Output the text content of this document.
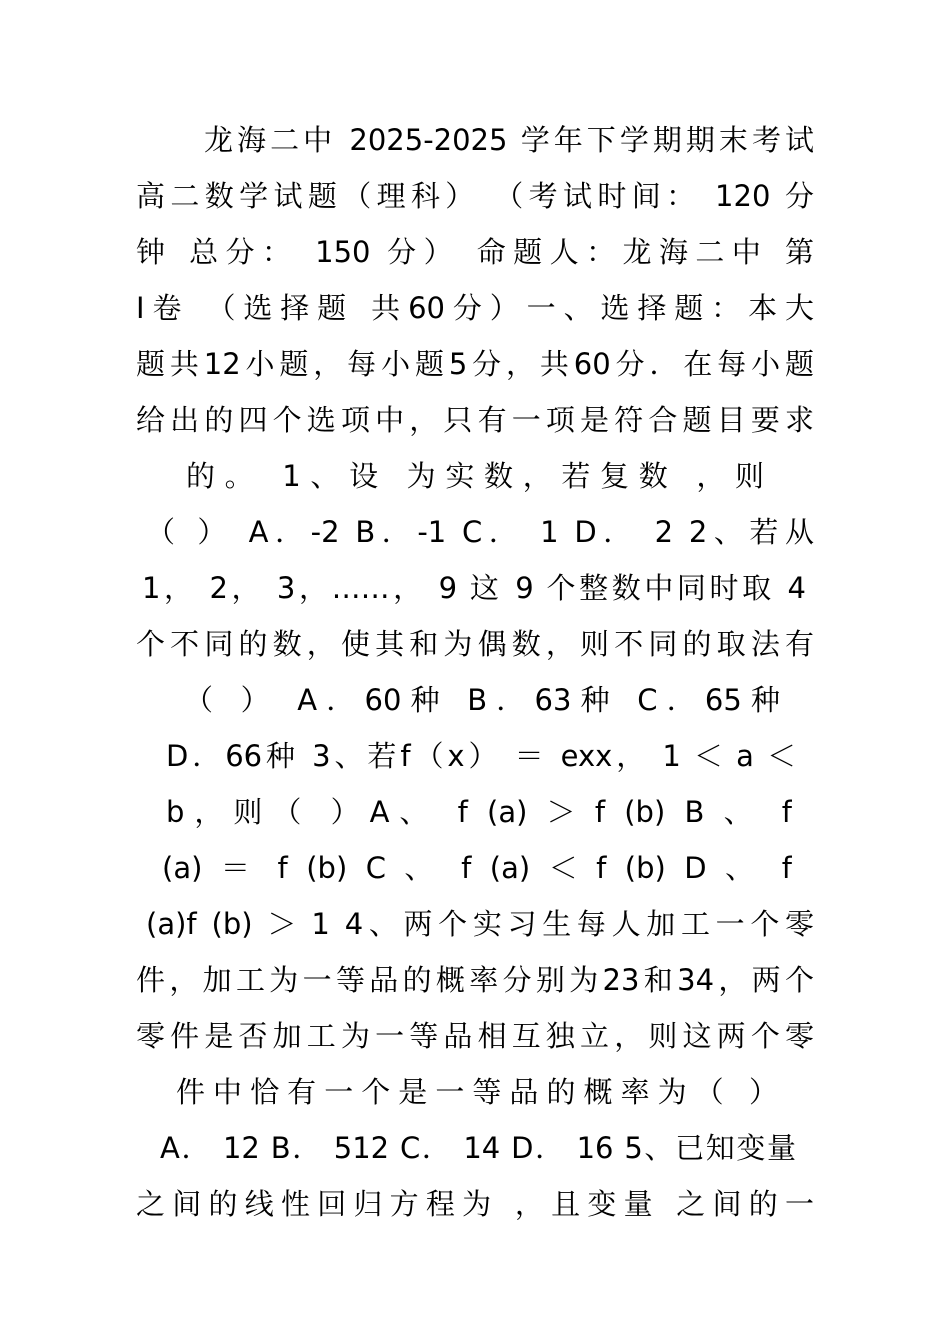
龙海二中 2025-2025 学年下学期期末考试
高二数学试题（理科） （考试时间： 120 分
钟 总分： 150 分） 命题人：龙海二中 第
Ⅰ卷 （选择题 共60分）一、选择题：本大
题共12小题，每小题5分，共60分．在每小题
给出的四个选项中，只有一项是符合题目要求
的。 1、设 为实数，若复数 ，则
（ ） A．-2 B．-1 C． 1 D． 2 2、若从
1， 2， 3，……， 9 这 9 个整数中同时取 4
个不同的数，使其和为偶数，则不同的取法有
（ ） A．60种 B．63种 C．65种
D．66种 3、若f（x） ＝ exx， 1 ＜ a ＜
b，则（ ）A、 f (a) ＞ f (b) B 、 f
(a) ＝ f (b) C 、 f (a) ＜ f (b) D 、 f
(a)f (b) ＞ 1 4、两个实习生每人加工一个零
件，加工为一等品的概率分别为23和34，两个
零件是否加工为一等品相互独立，则这两个零
件中恰有一个是一等品的概率为（ ）
A． 12 B． 512 C． 14 D． 16 5、已知变量
之间的线性回归方程为 ，且变量 之间的一
